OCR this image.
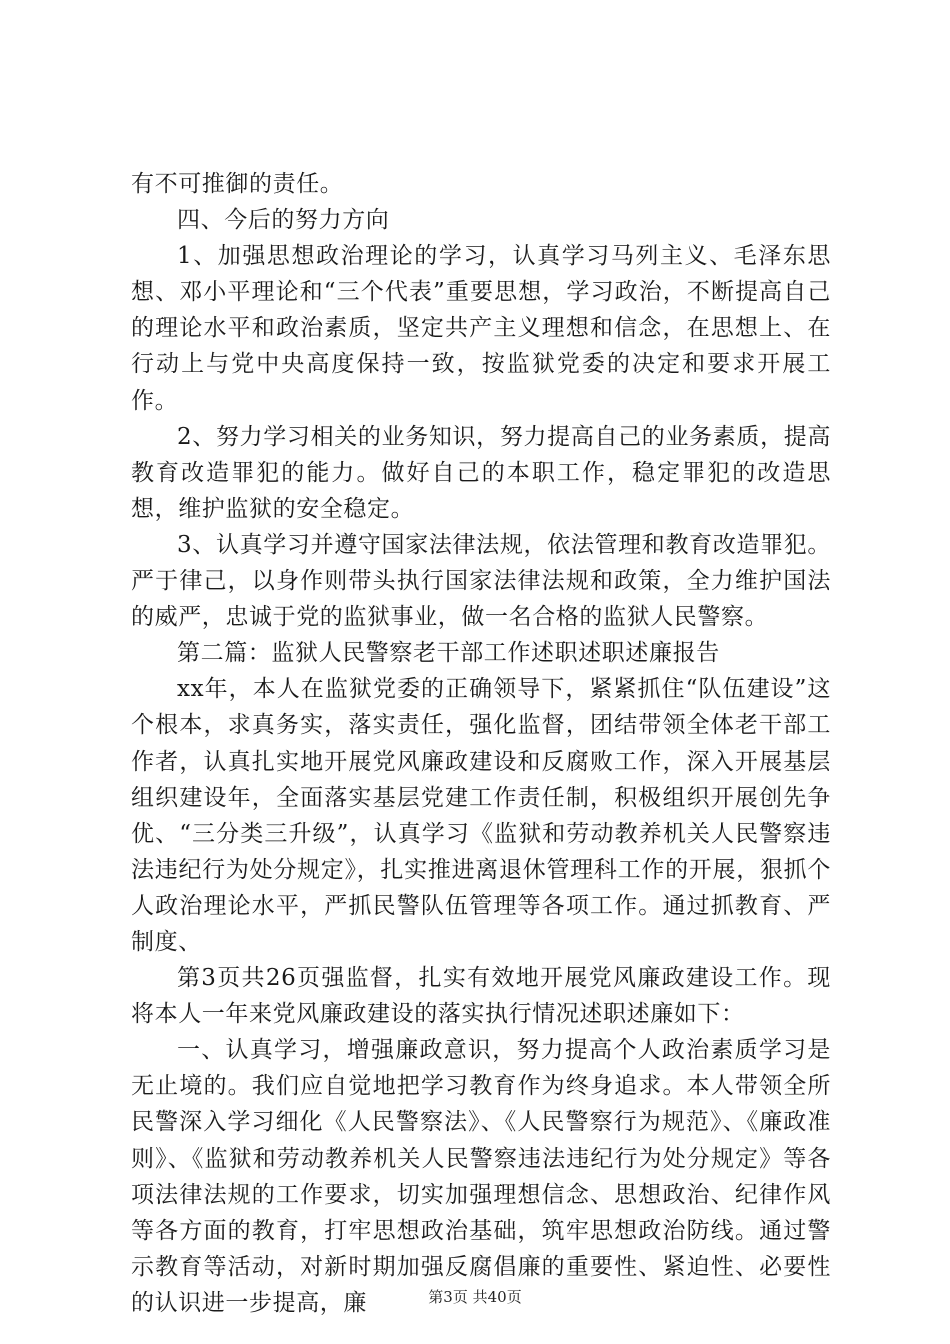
有不可推御的责任。

四、今后的努力方向

1、加强思想政治理论的学习，认真学习马列主义、毛泽东思想、邓小平理论和“三个代表”重要思想，学习政治，不断提高自己的理论水平和政治素质，坚定共产主义理想和信念，在思想上、在行动上与党中央高度保持一致，按监狱党委的决定和要求开展工作。

2、努力学习相关的业务知识，努力提高自己的业务素质，提高教育改造罪犯的能力。做好自己的本职工作，稳定罪犯的改造思想，维护监狱的安全稳定。

3、认真学习并遵守国家法律法规，依法管理和教育改造罪犯。严于律己，以身作则带头执行国家法律法规和政策，全力维护国法的威严，忠诚于党的监狱事业，做一名合格的监狱人民警察。

第二篇：监狱人民警察老干部工作述职述职述廉报告

xx年，本人在监狱党委的正确领导下，紧紧抓住“队伍建设”这个根本，求真务实，落实责任，强化监督，团结带领全体老干部工作者，认真扎实地开展党风廉政建设和反腐败工作，深入开展基层组织建设年，全面落实基层党建工作责任制，积极组织开展创先争优、“三分类三升级”，认真学习《监狱和劳动教养机关人民警察违法违纪行为处分规定》，扎实推进离退休管理科工作的开展，狠抓个人政治理论水平，严抓民警队伍管理等各项工作。通过抓教育、严制度、

第3页共26页强监督，扎实有效地开展党风廉政建设工作。现将本人一年来党风廉政建设的落实执行情况述职述廉如下：

一、认真学习，增强廉政意识，努力提高个人政治素质学习是无止境的。我们应自觉地把学习教育作为终身追求。本人带领全所民警深入学习细化《人民警察法》、《人民警察行为规范》、《廉政准则》、《监狱和劳动教养机关人民警察违法违纪行为处分规定》等各项法律法规的工作要求，切实加强理想信念、思想政治、纪律作风等各方面的教育，打牢思想政治基础，筑牢思想政治防线。通过警示教育等活动，对新时期加强反腐倡廉的重要性、紧迫性、必要性的认识进一步提高，廉	第3页 共40页
